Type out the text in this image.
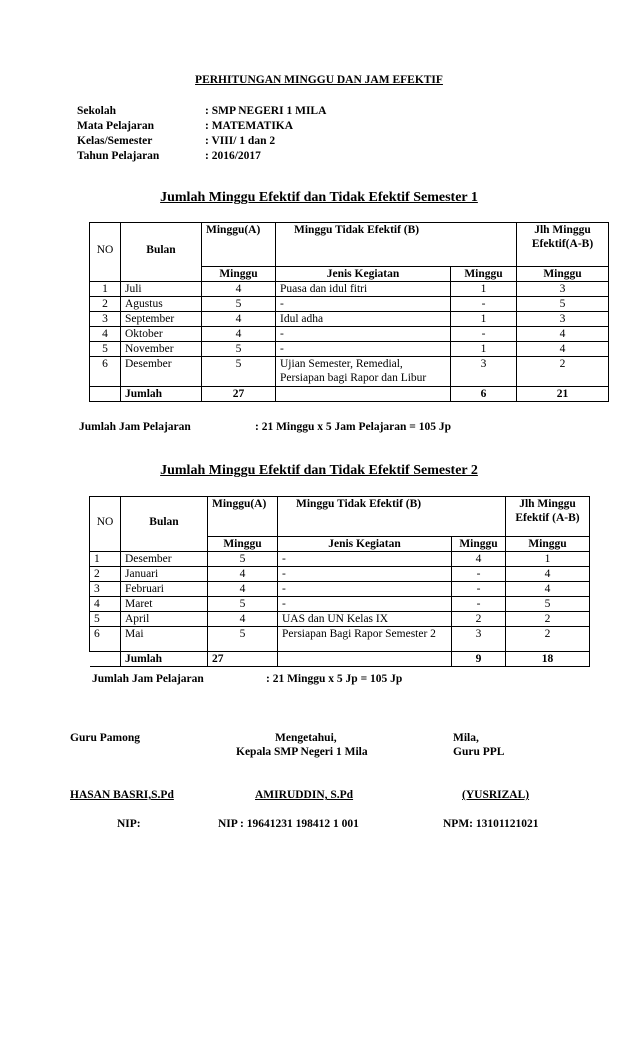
PERHITUNGAN MINGGU DAN JAM EFEKTIF
Sekolah	: SMP NEGERI 1 MILA
Mata Pelajaran	: MATEMATIKA
Kelas/Semester	: VIII/ 1 dan 2
Tahun Pelajaran	: 2016/2017
Jumlah Minggu Efektif dan Tidak Efektif Semester 1
NO	Bulan	Minggu(A)	Minggu Tidak Efektif (B)		Jlh Minggu Efektif(A-B)
		Minggu	Jenis Kegiatan	Minggu	Minggu
1	Juli	4	Puasa dan idul fitri	1	3
2	Agustus	5	-	-	5
3	September	4	Idul adha	1	3
4	Oktober	4	-	-	4
5	November	5	-	1	4
6	Desember	5	Ujian Semester, Remedial, Persiapan bagi Rapor dan Libur	3	2
	Jumlah	27		6	21
Jumlah Jam Pelajaran	: 21 Minggu x 5 Jam Pelajaran = 105 Jp
Jumlah Minggu Efektif dan Tidak Efektif Semester 2
NO	Bulan	Minggu(A)	Minggu Tidak Efektif (B)		Jlh Minggu Efektif (A-B)
		Minggu	Jenis Kegiatan	Minggu	Minggu
1	Desember	5	-	4	1
2	Januari	4	-	-	4
3	Februari	4	-	-	4
4	Maret	5	-	-	5
5	April	4	UAS dan UN Kelas IX	2	2
6	Mai	5	Persiapan Bagi Rapor Semester 2	3	2
	Jumlah	27		9	18
Jumlah Jam Pelajaran	: 21 Minggu x 5 Jp = 105 Jp
Guru Pamong	Mengetahui,
Kepala SMP Negeri 1 Mila
Mila,
Guru PPL
HASAN BASRI,S.Pd	AMIRUDDIN, S.Pd	(YUSRIZAL)
NIP:	NIP : 19641231 198412 1 001	NPM: 13101121021
